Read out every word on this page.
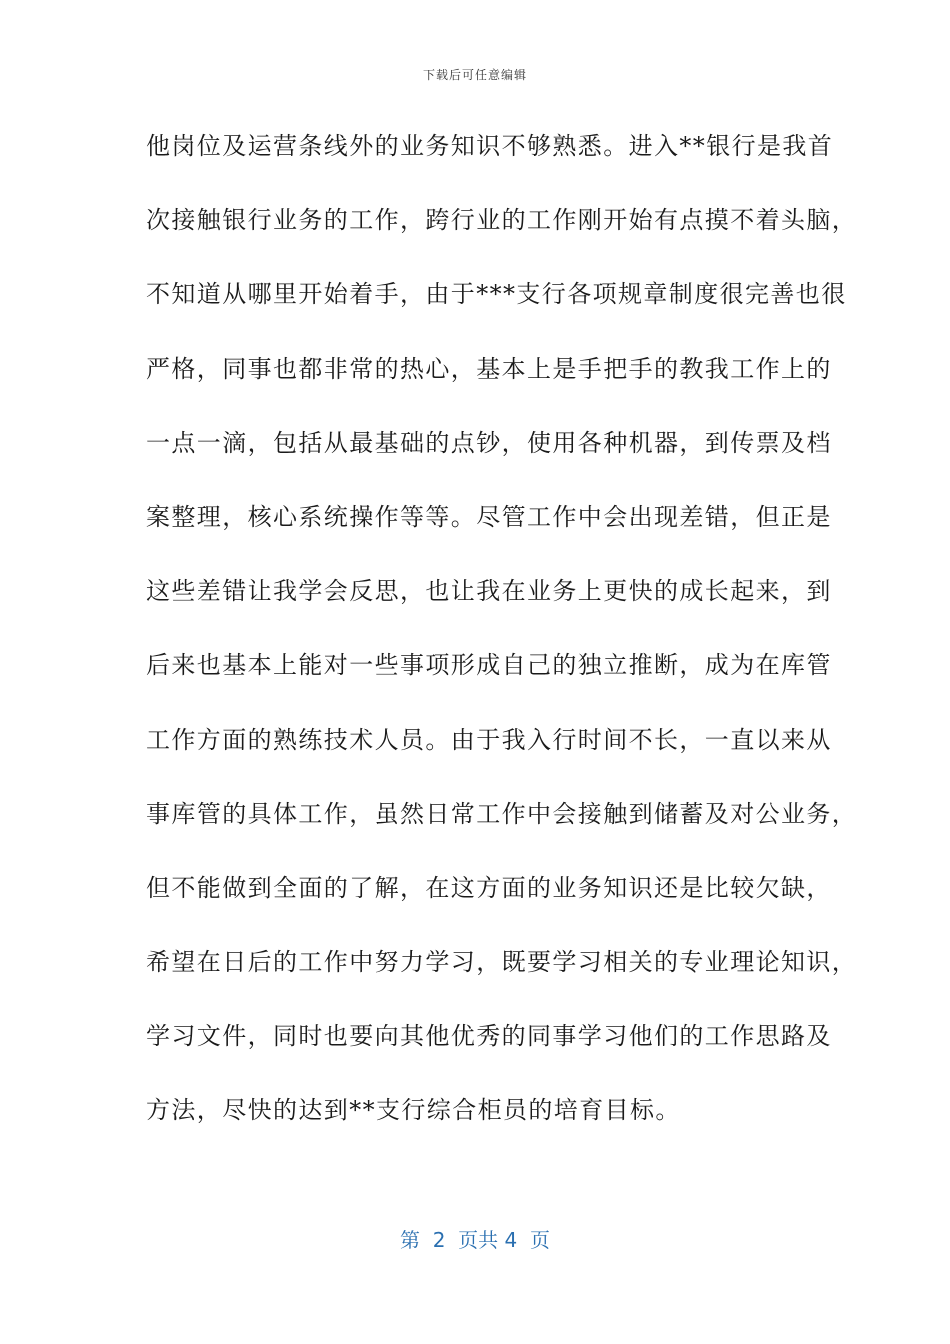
下载后可任意编辑
他岗位及运营条线外的业务知识不够熟悉。进入**银行是我首
次接触银行业务的工作，跨行业的工作刚开始有点摸不着头脑，
不知道从哪里开始着手，由于***支行各项规章制度很完善也很
严格，同事也都非常的热心，基本上是手把手的教我工作上的
一点一滴，包括从最基础的点钞，使用各种机器，到传票及档
案整理，核心系统操作等等。尽管工作中会出现差错，但正是
这些差错让我学会反思，也让我在业务上更快的成长起来，到
后来也基本上能对一些事项形成自己的独立推断，成为在库管
工作方面的熟练技术人员。由于我入行时间不长，一直以来从
事库管的具体工作，虽然日常工作中会接触到储蓄及对公业务，
但不能做到全面的了解，在这方面的业务知识还是比较欠缺，
希望在日后的工作中努力学习，既要学习相关的专业理论知识，
学习文件，同时也要向其他优秀的同事学习他们的工作思路及
方法，尽快的达到**支行综合柜员的培育目标。
第  2  页共 4  页
